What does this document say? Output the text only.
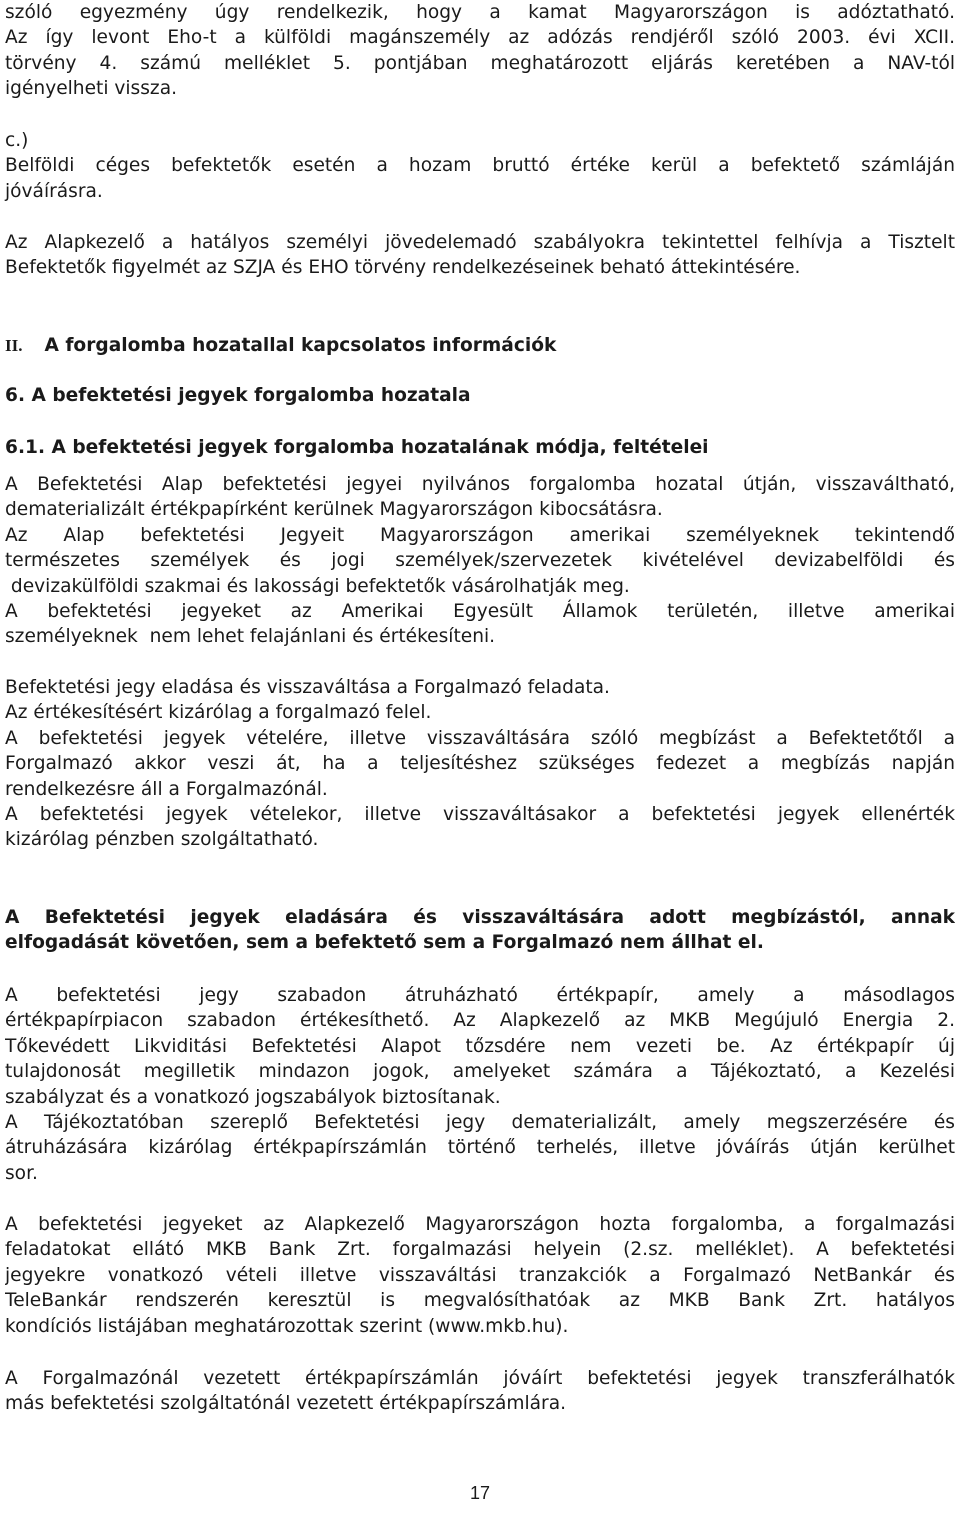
szóló egyezmény úgy rendelkezik, hogy a kamat Magyarországon is adóztatható.
Az így levont Eho-t a külföldi magánszemély az adózás rendjéről szóló 2003. évi XCII.
törvény 4. számú melléklet 5. pontjában meghatározott eljárás keretében a NAV-tól
igényelheti vissza.
c.)
Belföldi céges befektetők esetén a hozam bruttó értéke kerül a befektető számláján
jóváírásra.
Az Alapkezelő a hatályos személyi jövedelemadó szabályokra tekintettel felhívja a Tisztelt
Befektetők figyelmét az SZJA és EHO törvény rendelkezéseinek beható áttekintésére.
II. A forgalomba hozatallal kapcsolatos információk
6. A befektetési jegyek forgalomba hozatala
6.1. A befektetési jegyek forgalomba hozatalának módja, feltételei
A Befektetési Alap befektetési jegyei nyilvános forgalomba hozatal útján, visszaváltható,
dematerializált értékpapírként kerülnek Magyarországon kibocsátásra.
Az Alap befektetési Jegyeit Magyarországon amerikai személyeknek tekintendő
természetes személyek és jogi személyek/szervezetek kivételével devizabelföldi és
devizakülföldi szakmai és lakossági befektetők vásárolhatják meg.
A befektetési jegyeket az Amerikai Egyesült Államok területén, illetve amerikai
személyeknek  nem lehet felajánlani és értékesíteni.
Befektetési jegy eladása és visszaváltása a Forgalmazó feladata.
Az értékesítésért kizárólag a forgalmazó felel.
A befektetési jegyek vételére, illetve visszaváltására szóló megbízást a Befektetőtől a
Forgalmazó akkor veszi át, ha a teljesítéshez szükséges fedezet a megbízás napján
rendelkezésre áll a Forgalmazónál.
A befektetési jegyek vételekor, illetve visszaváltásakor a befektetési jegyek ellenérték
kizárólag pénzben szolgáltatható.
A Befektetési jegyek eladására és visszaváltására adott megbízástól, annak
elfogadását követően, sem a befektető sem a Forgalmazó nem állhat el.
A befektetési jegy szabadon átruházható értékpapír, amely a másodlagos
értékpapírpiacon szabadon értékesíthető. Az Alapkezelő az MKB Megújuló Energia 2.
Tőkevédett Likviditási Befektetési Alapot tőzsdére nem vezeti be. Az értékpapír új
tulajdonosát megilletik mindazon jogok, amelyeket számára a Tájékoztató, a Kezelési
szabályzat és a vonatkozó jogszabályok biztosítanak.
A Tájékoztatóban szereplő Befektetési jegy dematerializált, amely megszerzésére és
átruházására kizárólag értékpapírszámlán történő terhelés, illetve jóváírás útján kerülhet
sor.
A befektetési jegyeket az Alapkezelő Magyarországon hozta forgalomba, a forgalmazási
feladatokat ellátó MKB Bank Zrt. forgalmazási helyein (2.sz. melléklet). A befektetési
jegyekre vonatkozó vételi illetve visszaváltási tranzakciók a Forgalmazó NetBankár és
TeleBankár rendszerén keresztül is megvalósíthatóak az MKB Bank Zrt. hatályos
kondíciós listájában meghatározottak szerint (www.mkb.hu).
A Forgalmazónál vezetett értékpapírszámlán jóváírt befektetési jegyek transzferálhatók
más befektetési szolgáltatónál vezetett értékpapírszámlára.
17
